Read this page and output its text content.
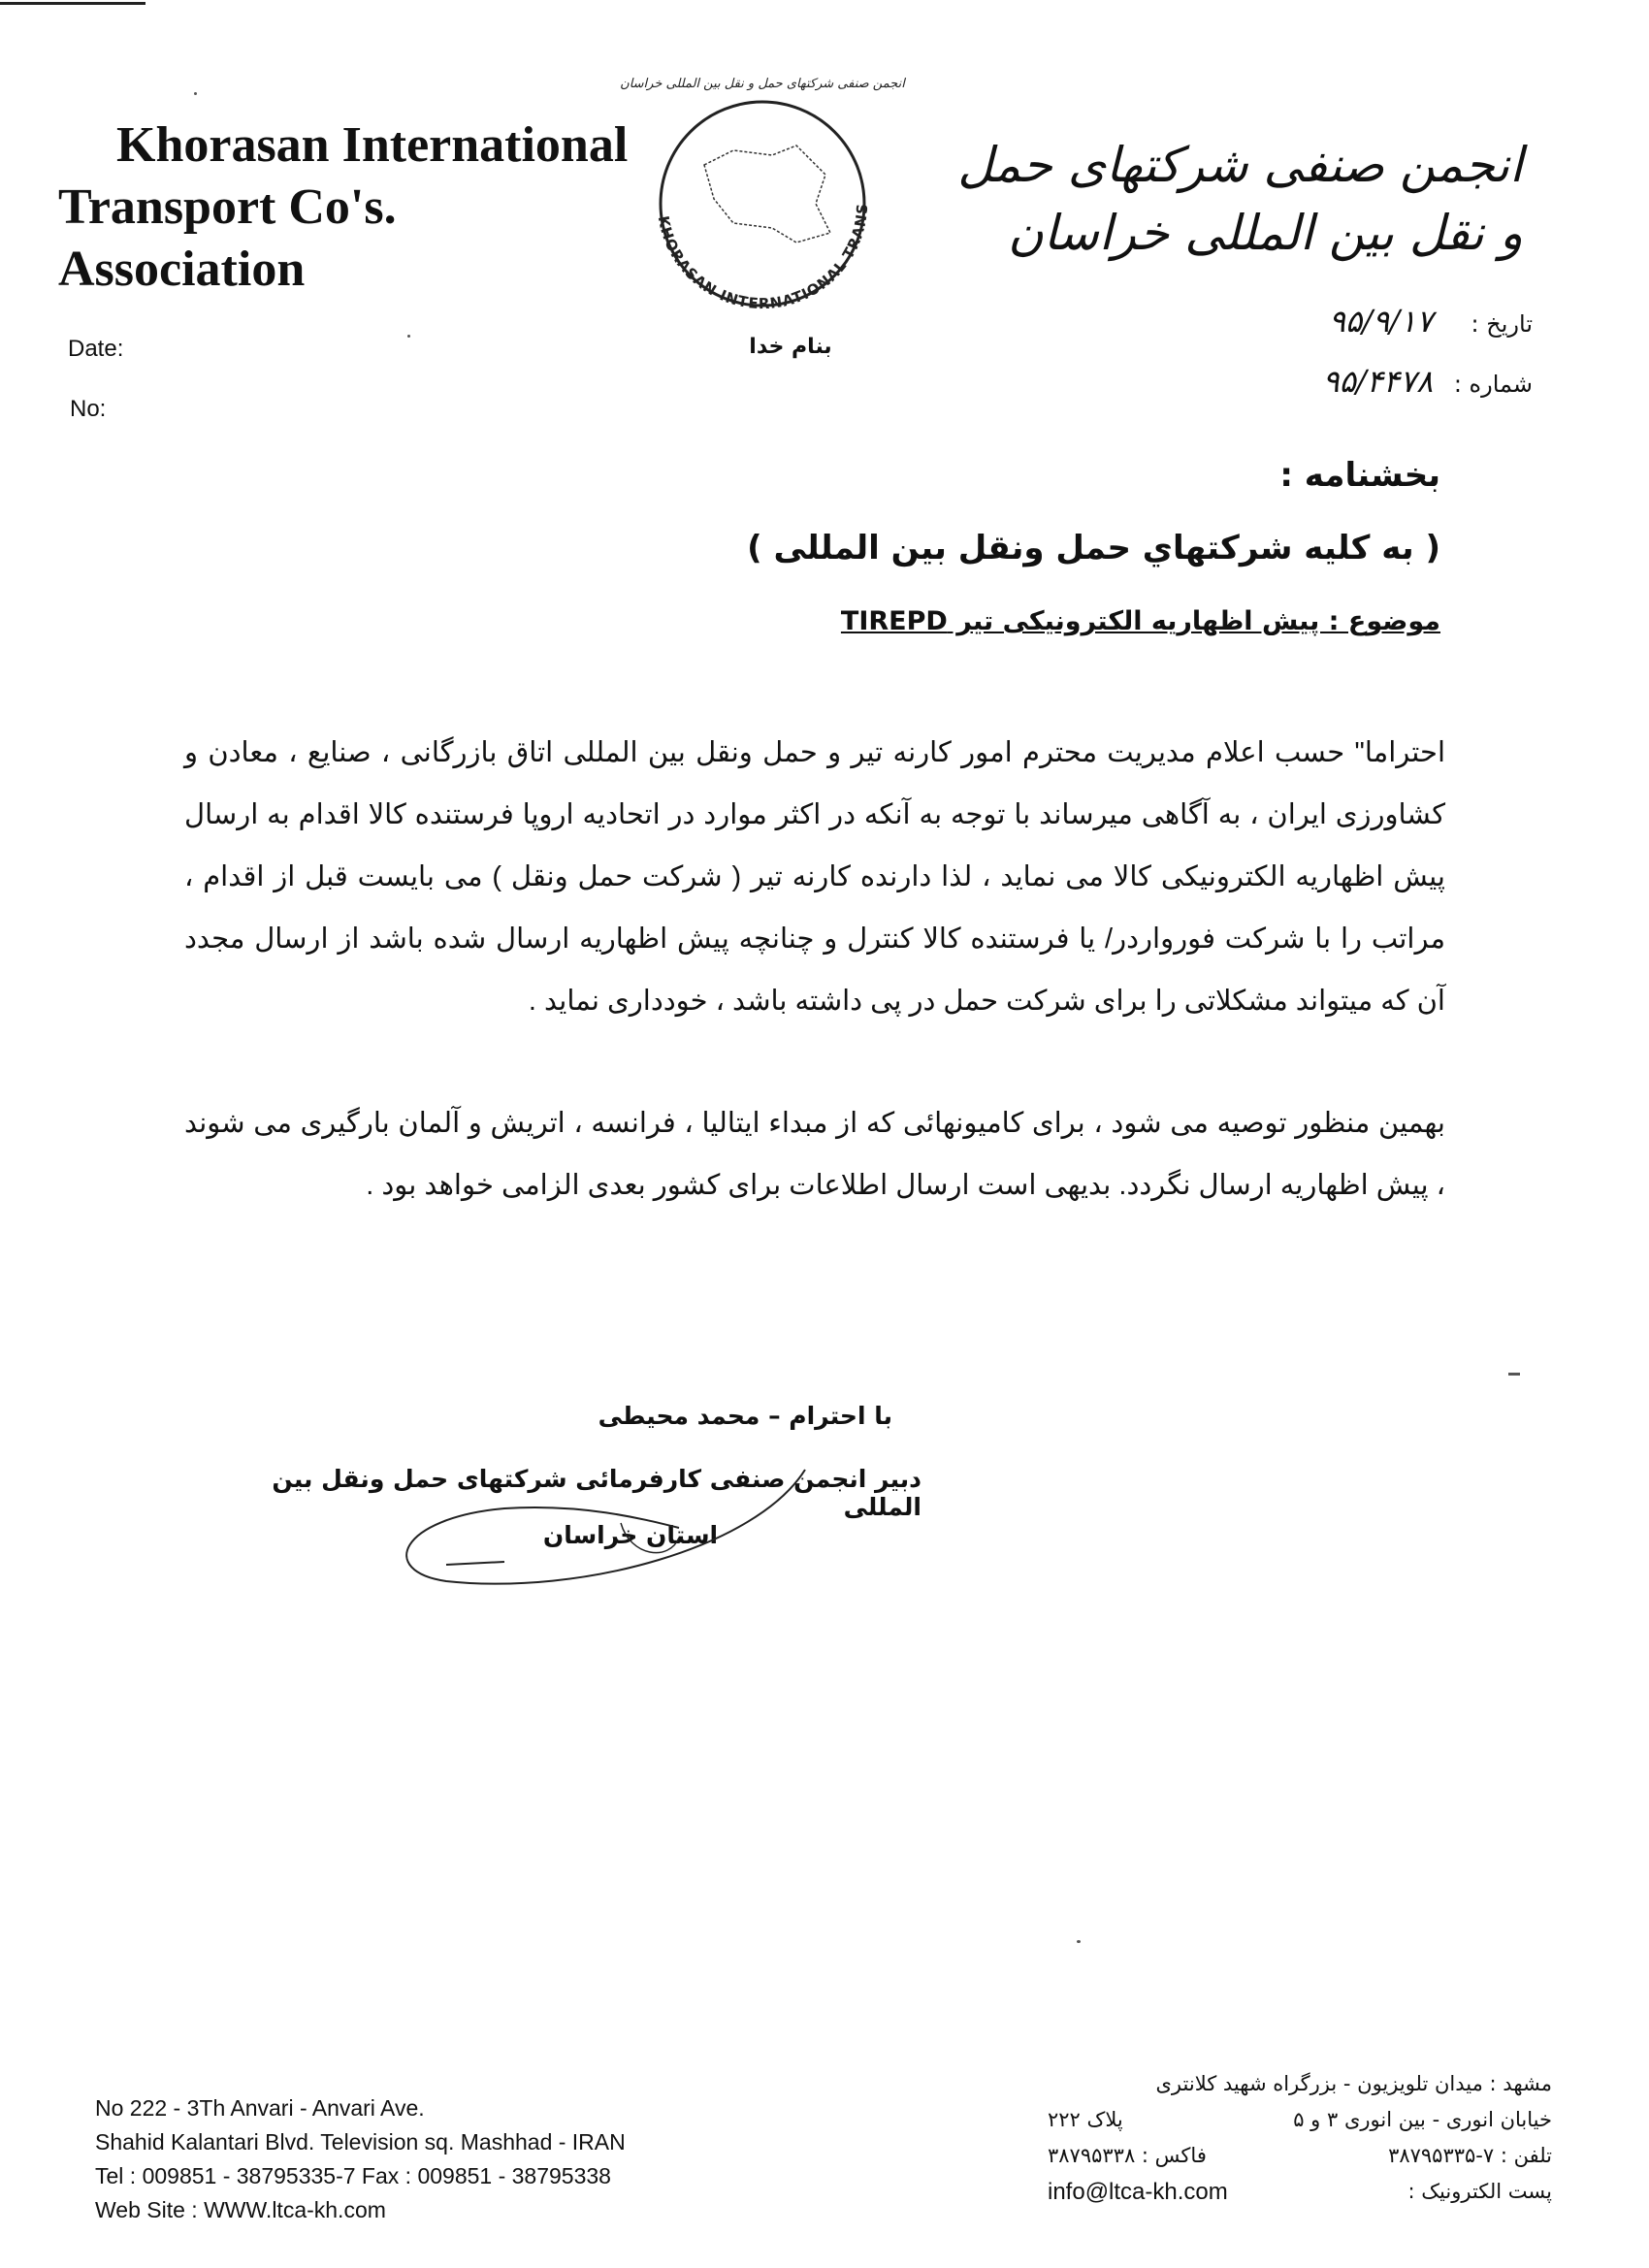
Khorasan International
Transport Co's. Association
KHORASAN INTERNATIONAL TRANS
انجمن صنفی شرکتهای حمل و نقل بین المللی خراسان
بنام خدا
انجمن صنفی شرکتهای حمل و نقل بین المللی خراسان
Date:
No:
تاریخ : ۹۵/۹/۱۷
شماره : ۹۵/۴۴۷۸
بخشنامه :
( به کلیه شرکتهاي حمل ونقل بین المللی )
موضوع : پیش اظهاریه الکترونیکی تیر TIREPD
احتراما" حسب اعلام مدیریت محترم امور کارنه تیر و حمل ونقل بین المللی اتاق بازرگانی ، صنایع ، معادن و کشاورزی ایران ، به آگاهی میرساند با توجه به آنکه در اکثر موارد در اتحادیه اروپا فرستنده کالا اقدام به ارسال پیش اظهاریه الکترونیکی کالا می نماید ، لذا دارنده کارنه تیر ( شرکت حمل ونقل ) می بایست قبل از اقدام ، مراتب را با شرکت فورواردر/ یا فرستنده کالا کنترل و چنانچه پیش اظهاریه ارسال شده باشد از ارسال مجدد آن که میتواند مشکلاتی را برای شرکت حمل در پی داشته باشد ، خودداری نماید .
بهمین منظور توصیه می شود ، برای کامیونهائی که از مبداء ایتالیا ، فرانسه ، اتریش و آلمان بارگیری می شوند ، پیش اظهاریه ارسال نگردد. بدیهی است ارسال اطلاعات برای کشور بعدی الزامی خواهد بود .
با احترام – محمد محیطی
دبیر انجمن صنفی کارفرمائی شرکتهای حمل ونقل بین المللی
استان خراسان
No 222 - 3Th Anvari - Anvari Ave.
Shahid Kalantari Blvd. Television sq. Mashhad - IRAN
Tel : 009851 - 38795335-7 Fax : 009851 - 38795338
Web Site : WWW.ltca-kh.com
مشهد : میدان تلویزیون - بزرگراه شهید کلانتری
خیابان انوری - بین انوری ۳ و ۵
پلاک ۲۲۲
تلفن : ۷-۳۸۷۹۵۳۳۵
فاکس : ۳۸۷۹۵۳۳۸
پست الکترونیک :
info@ltca-kh.com
